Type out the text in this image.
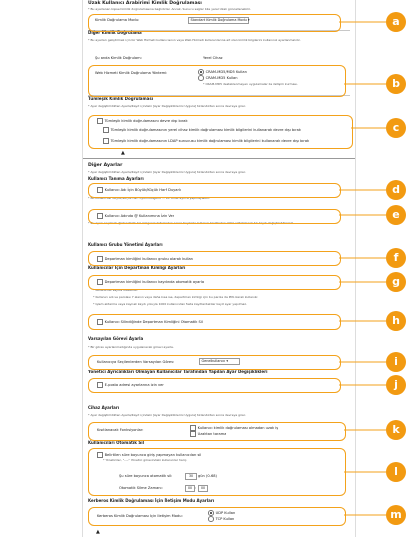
Uzak Kullanıcı Arabirimi Kimlik Doğrulaması
* Bu ayarlanan kişisel kimlik doğrulamasına bağlıdırlar. Ancak, Sunucu sağlar bile yerel Uzak güncellenebilir.
Kimlik Doğrulama Modu:	Standart Kimlik Doğrulama Modu ▾
Diğer Kimlik Doğrulama
* Bu ayarları geliştirmek için bir Web Hizmeti kullanıcısının veya Web Hizmeti kullanıcılarına ait olan kimlik bilgilerini kullanınız ayarlanmalıdır.
Şu anda Kimlik Doğrulam:	Yerel Cihaz
Web Hizmeti Kimlik Doğrulama Yöntemi:	CRAM-MD5/MD5 Kullan
CRAM-MD5 Kullan
* CRAM-MD5 desteklenmeyen uygulamalar ile iletişim kurması.
Tümleşik Kimlik Doğrulaması
* Ayar değiştirildikten Ayarla/Kayıt içindeki [Ayar Değişikliklerini Uygula] tıklandıktan sonra devreye girer.
Tümleşik kimlik doğrulamasını devre dışı bırak
Tümleşik kimlik doğrulamasının yerel cihaz kimlik doğrulaması kimlik bilgilerini kullanarak devre dışı bırak
Tümleşik kimlik doğrulamasının LDAP sunucusu kimlik doğrulaması kimlik bilgilerini kullanarak devre dışı bırak
▲
Diğer Ayarlar
* Ayar değiştirildikten Ayarla/Kayıt içindeki [Ayar Değişikliklerini Uygula] tıklandıktan sonra devreye girer.
Kullanıcı Tanıma Ayarları
Kullanıcı Adı İçin Büyük/Küçük Harf Duyarlı
* Bu kullanıcılar büyük/küçük harf uyumluluğunu ... bir cihaz ayrıca yapmayabilir.
Kullanıcı Adında @ Kullanımına İzin Ver
* Bu ayarı seçilerek @'den farklı bir simgenin listesinden sonra Sayılarla kullanıcı tarafından dahil edilebilecek bir kaydı değiştirebilirsiniz.
Kullanıcı Grubu Yönetimi Ayarları
Departman kimliğini kullanıcı grubu olarak kullan
Kullanıcılar İçin Departman Kimliği Ayarları
Departman kimliğini kullanıcı kaydında otomatik ayarla
* Kullanıcılar sayıca olabilirler.
* Kullanıcı adı ve parolası 7 alanın veya daha kısa ise, departman kimliği için bu parola da PIN olarak kullanılır.
* İşlem aktarma veya kaynak kaydı yoluyla 1000 kullanıcıdan fazla kayıtlardakiler kayıt ayar yapılmaz.
Kullanıcı Silindiğinde Departman Kimliğini Otomatik Sil
Varsayılan Görevi Ayarla
* Bir görev ayarlanmadığında uygulanacak görevi ayarla.
Kullanıcıya Seçilenlerden Varsayılan Görev:	Genelkullanıcı ▾
Yönetici Ayrıcalıkları Olmayan Kullanıcılar Tarafından Yapılan Ayar Değişiklikleri
E-posta adresi ayarlarına izin ver
Cihaz Ayarları
* Ayar değiştirildikten Ayarla/Kayıt içindeki [Ayar Değişikliklerini Uygula] tıklandıktan sonra devreye girer.
Kısıtlanacak Fonksiyonlar:
Kullanıcı kimlik doğrulaması olmadan uzak iş
Uzaktan tarama
Kullanıcıları Otomatik Sil
Belirtilen süre boyunca giriş yapmayan kullanıcıları sil
* Yöneticiler, "----" Yönetici görevindeki kullanıcılar hariç.
Şu süre boyunca otomatik sil:	30	gün (0-68)
Otomatik Silme Zamanı:	00 :	00
Kerberos Kimlik Doğrulaması İçin İletişim Modu Ayarları
Kerberos Kimlik Doğrulaması İçin İletişim Modu:
UDP Kullan
TCP Kullan
▲
a
b
c
d
e
f
g
h
i
j
k
l
m
